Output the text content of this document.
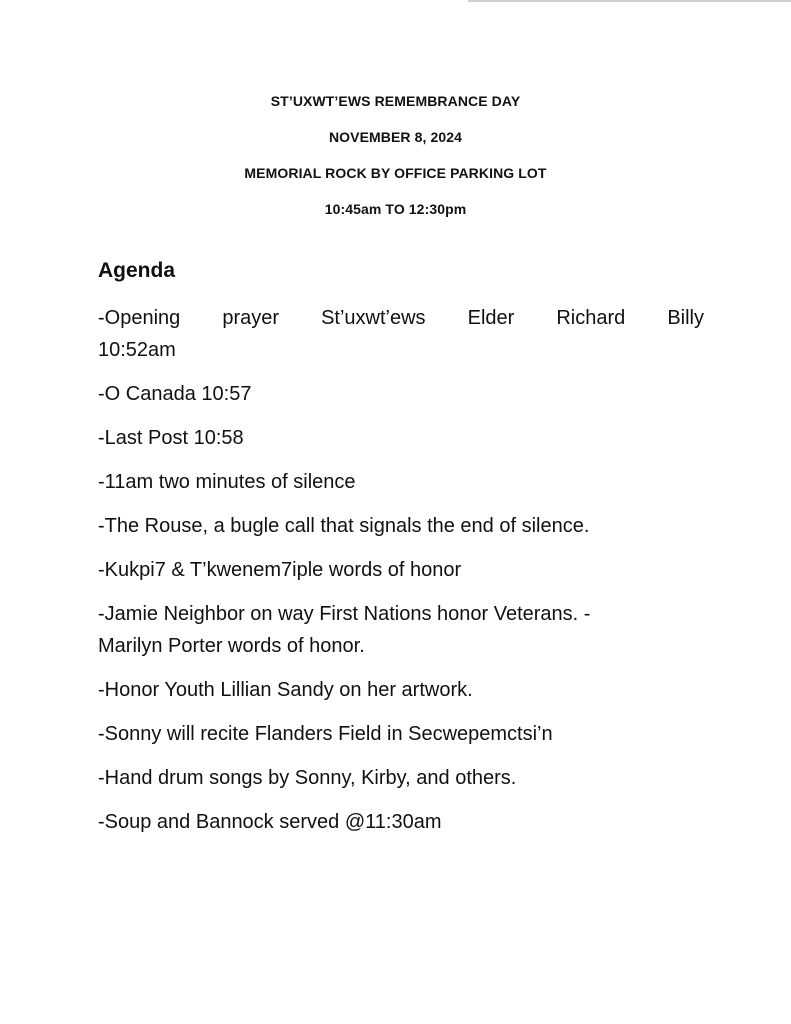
ST’UXWT’EWS REMEMBRANCE DAY
NOVEMBER 8, 2024
MEMORIAL ROCK BY OFFICE PARKING LOT
10:45am TO 12:30pm
Agenda
-Opening prayer St’uxwt’ews Elder Richard Billy
10:52am
-O Canada 10:57
-Last Post 10:58
-11am two minutes of silence
-The Rouse, a bugle call that signals the end of silence.
-Kukpi7 & T’kwenem7iple words of honor
-Jamie Neighbor on way First Nations honor Veterans. -
Marilyn Porter words of honor.
-Honor Youth Lillian Sandy on her artwork.
-Sonny will recite Flanders Field in Secwepemctsi’n
-Hand drum songs by Sonny, Kirby, and others.
-Soup and Bannock served @11:30am
